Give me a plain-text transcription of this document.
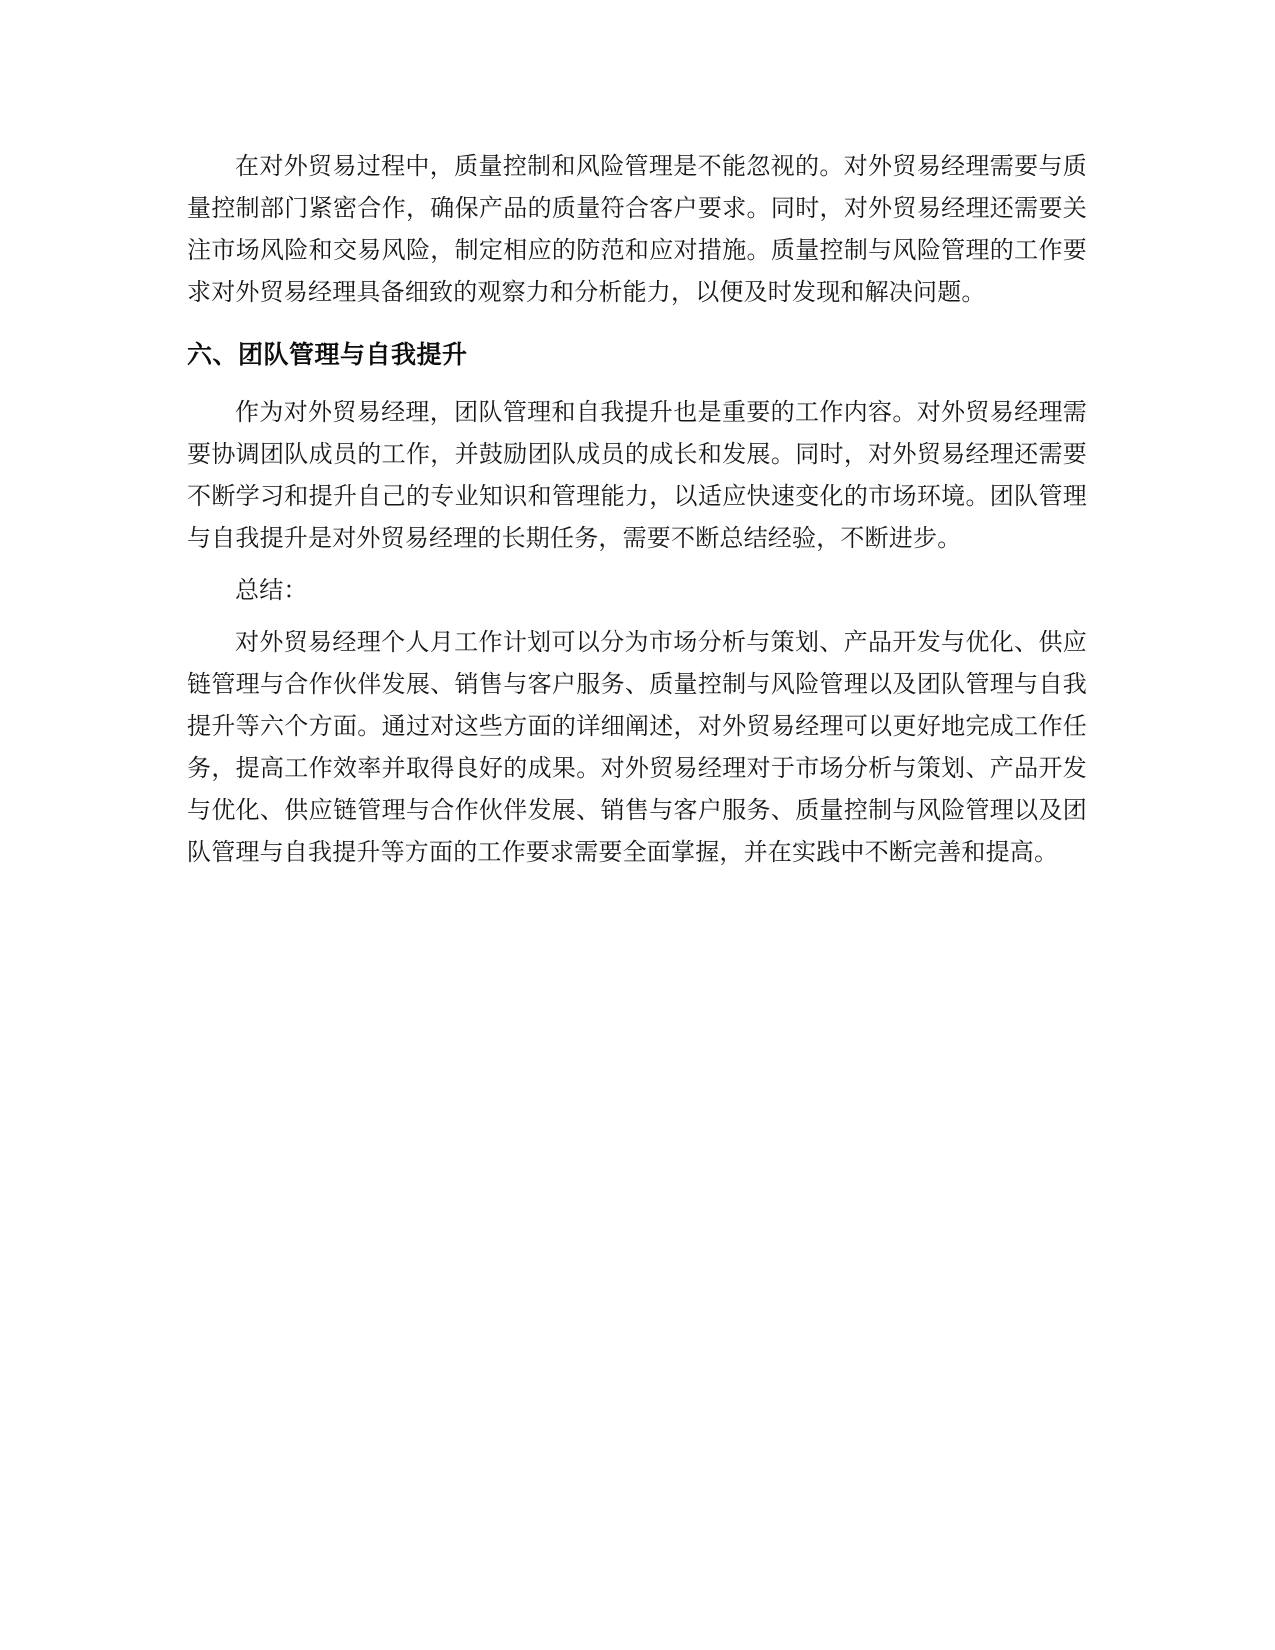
在对外贸易过程中，质量控制和风险管理是不能忽视的。对外贸易经理需要与质量控制部门紧密合作，确保产品的质量符合客户要求。同时，对外贸易经理还需要关注市场风险和交易风险，制定相应的防范和应对措施。质量控制与风险管理的工作要求对外贸易经理具备细致的观察力和分析能力，以便及时发现和解决问题。

六、团队管理与自我提升

作为对外贸易经理，团队管理和自我提升也是重要的工作内容。对外贸易经理需要协调团队成员的工作，并鼓励团队成员的成长和发展。同时，对外贸易经理还需要不断学习和提升自己的专业知识和管理能力，以适应快速变化的市场环境。团队管理与自我提升是对外贸易经理的长期任务，需要不断总结经验，不断进步。

总结：

对外贸易经理个人月工作计划可以分为市场分析与策划、产品开发与优化、供应链管理与合作伙伴发展、销售与客户服务、质量控制与风险管理以及团队管理与自我提升等六个方面。通过对这些方面的详细阐述，对外贸易经理可以更好地完成工作任务，提高工作效率并取得良好的成果。对外贸易经理对于市场分析与策划、产品开发与优化、供应链管理与合作伙伴发展、销售与客户服务、质量控制与风险管理以及团队管理与自我提升等方面的工作要求需要全面掌握，并在实践中不断完善和提高。
